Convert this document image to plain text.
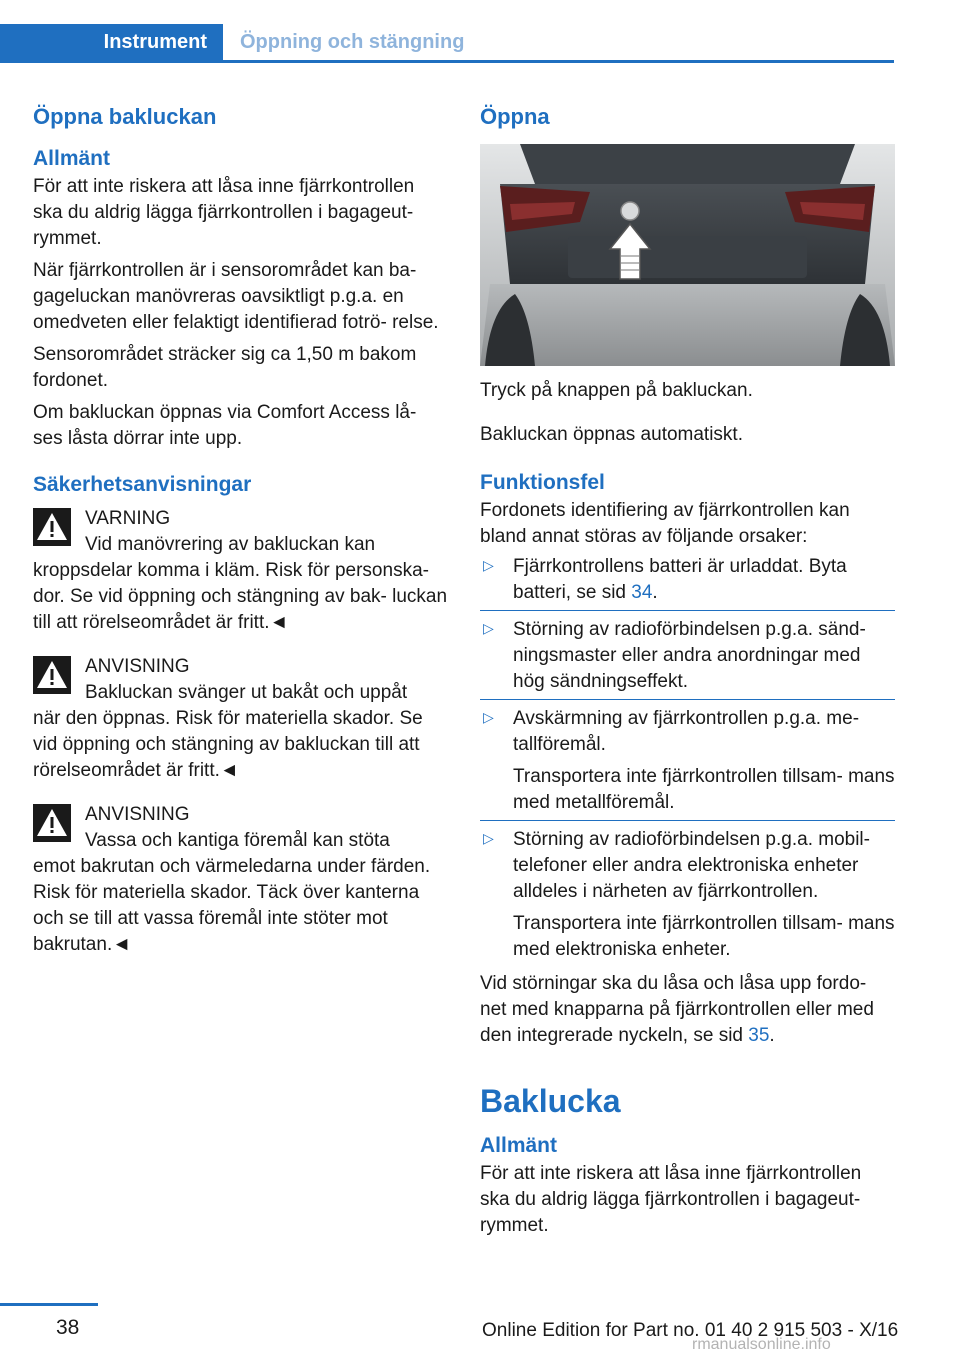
Instrument	Öppning och stängning
Öppna bakluckan
Allmänt

För att inte riskera att låsa inne fjärrkontrollen ska du aldrig lägga fjärrkontrollen i bagageut- rymmet.

När fjärrkontrollen är i sensorområdet kan ba- gageluckan manövreras oavsiktligt p.g.a. en omedveten eller felaktigt identifierad fotrö- relse.

Sensorområdet sträcker sig ca 1,50 m bakom fordonet.

Om bakluckan öppnas via Comfort Access lå- ses låsta dörrar inte upp.

Säkerhetsanvisningar

VARNING

Vid manövrering av bakluckan kan

kroppsdelar komma i kläm. Risk för personska- dor. Se vid öppning och stängning av bak- luckan till att rörelseområdet är fritt.◄

ANVISNING

Bakluckan svänger ut bakåt och uppåt

när den öppnas. Risk för materiella skador. Se vid öppning och stängning av bakluckan till att rörelseområdet är fritt.◄

ANVISNING

Vassa och kantiga föremål kan stöta

emot bakrutan och värmeledarna under färden. Risk för materiella skador. Täck över kanterna och se till att vassa föremål inte stöter mot bakrutan.◄

Öppna

Tryck på knappen på bakluckan.

Bakluckan öppnas automatiskt.

Funktionsfel

Fordonets identifiering av fjärrkontrollen kan bland annat störas av följande orsaker:

▷ Fjärrkontrollens batteri är urladdat. Byta batteri, se sid 34.

▷ Störning av radioförbindelsen p.g.a. sänd- ningsmaster eller andra anordningar med hög sändningseffekt.

▷ Avskärmning av fjärrkontrollen p.g.a. me- tallföremål.

Transportera inte fjärrkontrollen tillsam- mans med metallföremål.

▷ Störning av radioförbindelsen p.g.a. mobil- telefoner eller andra elektroniska enheter alldeles i närheten av fjärrkontrollen.

Transportera inte fjärrkontrollen tillsam- mans med elektroniska enheter.

Vid störningar ska du låsa och låsa upp fordo- net med knapparna på fjärrkontrollen eller med den integrerade nyckeln, se sid 35.

Baklucka
Allmänt

För att inte riskera att låsa inne fjärrkontrollen ska du aldrig lägga fjärrkontrollen i bagageut- rymmet.

38	Online Edition for Part no. 01 40 2 915 503 - X/16
rmanualsonline.info
